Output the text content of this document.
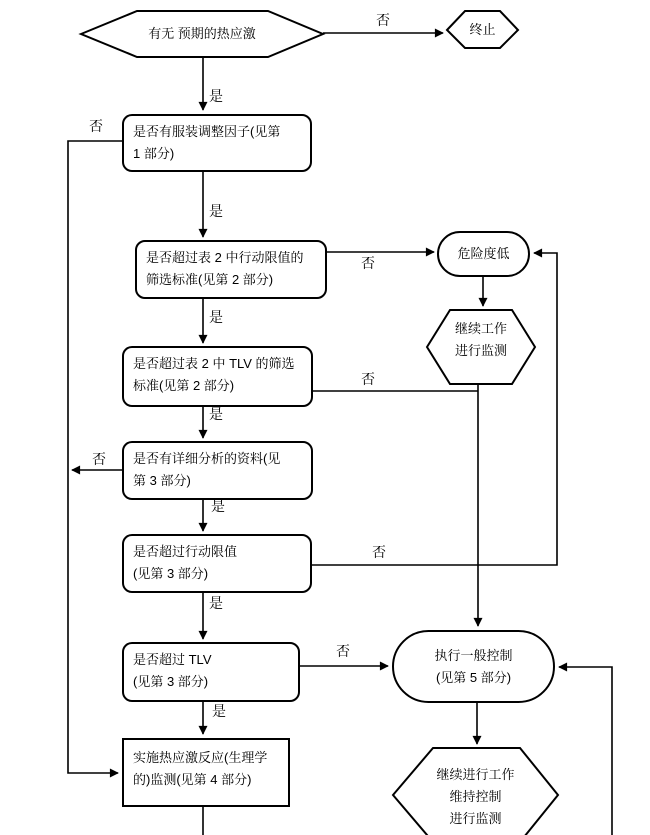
有无 预期的热应激	终止
继续工作
进行监测
继续进行工作
维持控制
进行监测
是否有服装调整因子(见第
1 部分)
是否超过表 2 中行动限值的
筛选标准(见第 2 部分)
危险度低
是否超过表 2 中 TLV 的筛选
标准(见第 2 部分)
是否有详细分析的资料(见
第 3 部分)
是否超过行动限值
(见第 3 部分)
是否超过 TLV
(见第 3 部分)
执行一般控制
(见第 5 部分)
实施热应激反应(生理学
的)监测(见第 4 部分)
否
是
否
是
否
是
否
是
否
是
否
是
否
是
